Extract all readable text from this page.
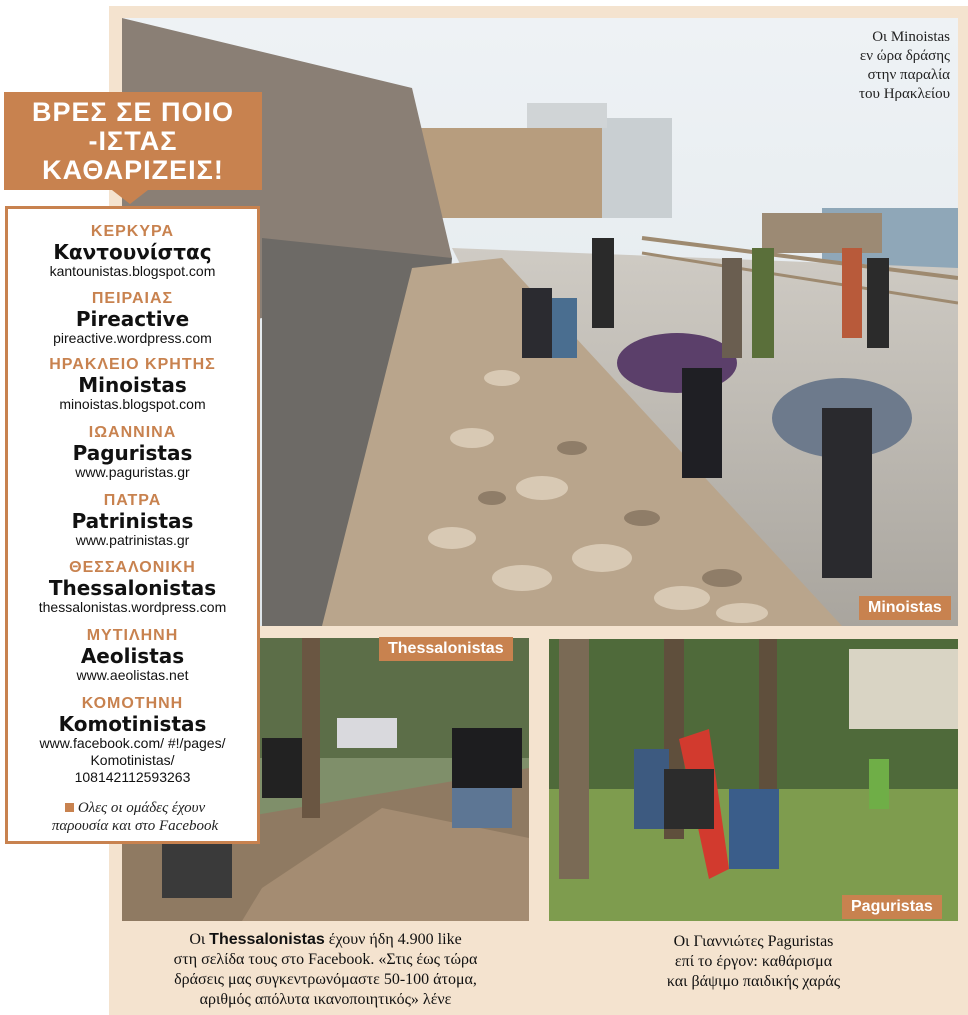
Οι Minoistas
εν ώρα δράσης
στην παραλία
του Ηρακλείου
Minoistas
Thessalonistas
Paguristas
ΒΡΕΣ ΣΕ ΠΟΙΟ
-ΙΣΤΑΣ
ΚΑΘΑΡΙΖΕΙΣ!
ΚΕΡΚΥΡΑ
Καντουνίστας
kantounistas.blogspot.com
ΠΕΙΡΑΙΑΣ
Pireactive
pireactive.wordpress.com
ΗΡΑΚΛΕΙΟ ΚΡΗΤΗΣ
Minoistas
minoistas.blogspot.com
ΙΩΑΝΝΙΝΑ
Paguristas
www.paguristas.gr
ΠΑΤΡΑ
Patrinistas
www.patrinistas.gr
ΘΕΣΣΑΛΟΝΙΚΗ
Thessalonistas
thessalonistas.wordpress.com
ΜΥΤΙΛΗΝΗ
Aeolistas
www.aeolistas.net
ΚΟΜΟΤΗΝΗ
Komotinistas
www.facebook.com/ #!/pages/
Komotinistas/
108142112593263
Ολες οι ομάδες έχουν
παρουσία και στο Facebook
Οι Thessalonistas έχουν ήδη 4.900 like
στη σελίδα τους στο Facebook. «Στις έως τώρα
δράσεις μας συγκεντρωνόμαστε 50-100 άτομα,
αριθμός απόλυτα ικανοποιητικός» λένε
Οι Γιαννιώτες Paguristas
επί το έργον: καθάρισμα
και βάψιμο παιδικής χαράς
